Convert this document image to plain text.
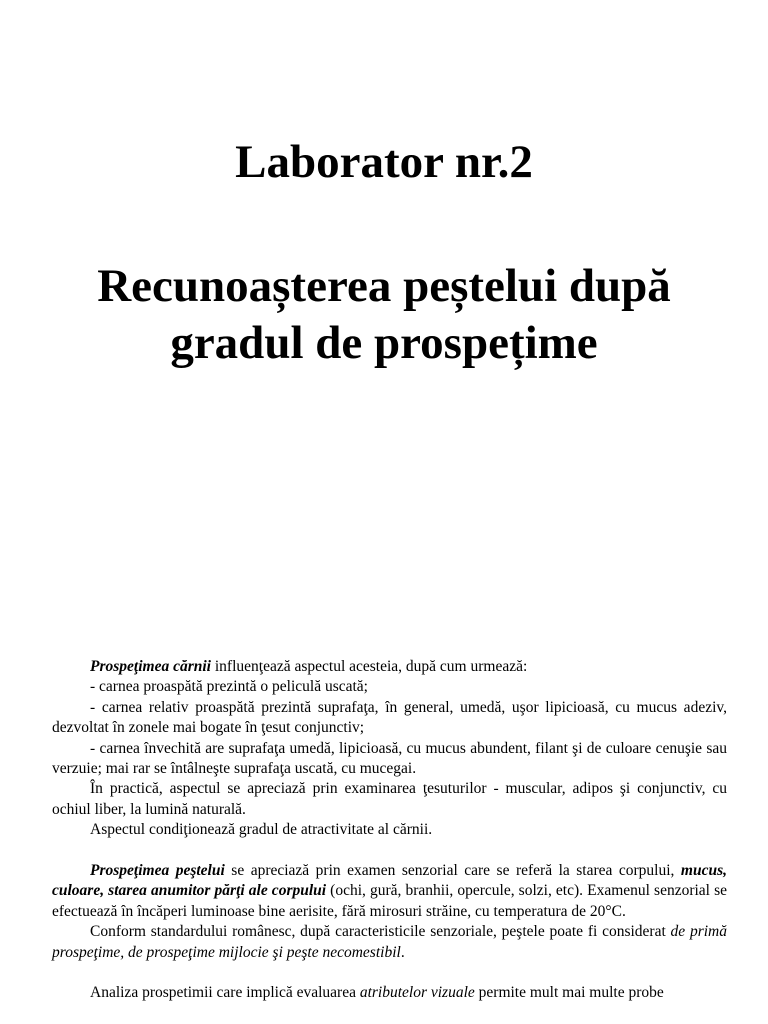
Laborator nr.2
Recunoașterea peștelui după
gradul de prospețime

Prospeţimea cărnii influenţează aspectul acesteia, după cum urmează:

- carnea proaspătă prezintă o peliculă uscată;

- carnea relativ proaspătă prezintă suprafaţa, în general, umedă, uşor lipicioasă, cu mucus adeziv, dezvoltat în zonele mai bogate în ţesut conjunctiv;

- carnea învechită are suprafaţa umedă, lipicioasă, cu mucus abundent, filant şi de culoare cenuşie sau verzuie; mai rar se întâlneşte suprafaţa uscată, cu mucegai.

În practică, aspectul se apreciază prin examinarea ţesuturilor - muscular, adipos şi conjunctiv, cu ochiul liber, la lumină naturală.

Aspectul condiţionează gradul de atractivitate al cărnii.

Prospeţimea peştelui se apreciază prin examen senzorial care se referă la starea corpului, mucus, culoare, starea anumitor părţi ale corpului (ochi, gură, branhii, opercule, solzi, etc). Examenul senzorial se efectuează în încăperi luminoase bine aerisite, fără mirosuri străine, cu temperatura de 20°C.

Conform standardului românesc, după caracteristicile senzoriale, peştele poate fi considerat de primă prospeţime, de prospeţime mijlocie şi peşte necomestibil.

Analiza prospetimii care implică evaluarea atributelor vizuale permite mult mai multe probe
